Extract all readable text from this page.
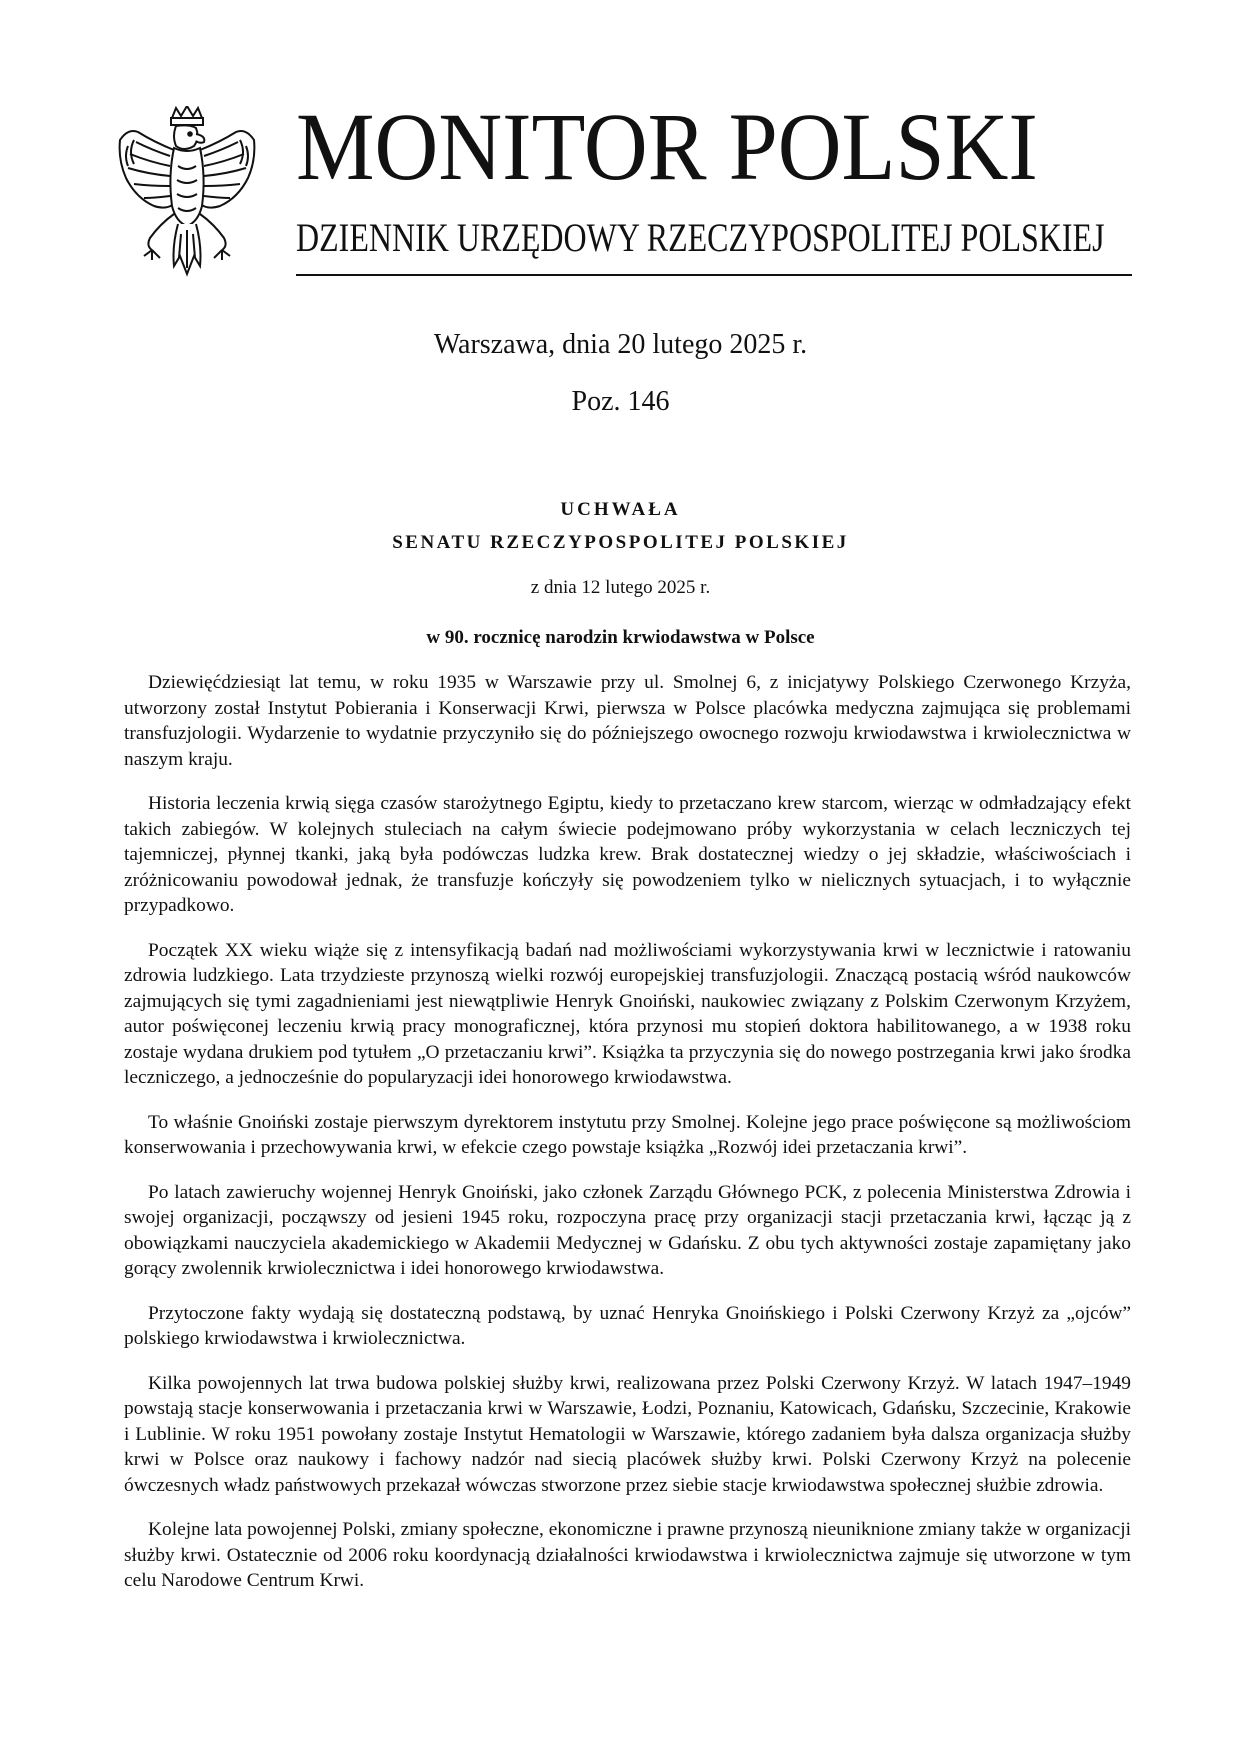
MONITOR POLSKI
DZIENNIK URZĘDOWY RZECZYPOSPOLITEJ POLSKIEJ

Warszawa, dnia 20 lutego 2025 r.

Poz. 146

UCHWAŁA

SENATU RZECZYPOSPOLITEJ POLSKIEJ

z dnia 12 lutego 2025 r.

w 90. rocznicę narodzin krwiodawstwa w Polsce

Dziewięćdziesiąt lat temu, w roku 1935 w Warszawie przy ul. Smolnej 6, z inicjatywy Polskiego Czerwonego Krzyża, utworzony został Instytut Pobierania i Konserwacji Krwi, pierwsza w Polsce placówka medyczna zajmująca się problemami transfuzjologii. Wydarzenie to wydatnie przyczyniło się do późniejszego owocnego rozwoju krwiodawstwa i krwiolecznictwa w naszym kraju.

Historia leczenia krwią sięga czasów starożytnego Egiptu, kiedy to przetaczano krew starcom, wierząc w odmładzający efekt takich zabiegów. W kolejnych stuleciach na całym świecie podejmowano próby wykorzystania w celach leczniczych tej tajemniczej, płynnej tkanki, jaką była podówczas ludzka krew. Brak dostatecznej wiedzy o jej składzie, właściwościach i zróżnicowaniu powodował jednak, że transfuzje kończyły się powodzeniem tylko w nielicznych sytuacjach, i to wyłącznie przypadkowo.

Początek XX wieku wiąże się z intensyfikacją badań nad możliwościami wykorzystywania krwi w lecznictwie i ratowaniu zdrowia ludzkiego. Lata trzydzieste przynoszą wielki rozwój europejskiej transfuzjologii. Znaczącą postacią wśród naukowców zajmujących się tymi zagadnieniami jest niewątpliwie Henryk Gnoiński, naukowiec związany z Polskim Czerwonym Krzyżem, autor poświęconej leczeniu krwią pracy monograficznej, która przynosi mu stopień doktora habilitowanego, a w 1938 roku zostaje wydana drukiem pod tytułem „O przetaczaniu krwi”. Książka ta przyczynia się do nowego postrzegania krwi jako środka leczniczego, a jednocześnie do popularyzacji idei honorowego krwiodawstwa.

To właśnie Gnoiński zostaje pierwszym dyrektorem instytutu przy Smolnej. Kolejne jego prace poświęcone są możliwościom konserwowania i przechowywania krwi, w efekcie czego powstaje książka „Rozwój idei przetaczania krwi”.

Po latach zawieruchy wojennej Henryk Gnoiński, jako członek Zarządu Głównego PCK, z polecenia Ministerstwa Zdrowia i swojej organizacji, począwszy od jesieni 1945 roku, rozpoczyna pracę przy organizacji stacji przetaczania krwi, łącząc ją z obowiązkami nauczyciela akademickiego w Akademii Medycznej w Gdańsku. Z obu tych aktywności zostaje zapamiętany jako gorący zwolennik krwiolecznictwa i idei honorowego krwiodawstwa.

Przytoczone fakty wydają się dostateczną podstawą, by uznać Henryka Gnoińskiego i Polski Czerwony Krzyż za „ojców” polskiego krwiodawstwa i krwiolecznictwa.

Kilka powojennych lat trwa budowa polskiej służby krwi, realizowana przez Polski Czerwony Krzyż. W latach 1947–1949 powstają stacje konserwowania i przetaczania krwi w Warszawie, Łodzi, Poznaniu, Katowicach, Gdańsku, Szczecinie, Krakowie i Lublinie. W roku 1951 powołany zostaje Instytut Hematologii w Warszawie, którego zadaniem była dalsza organizacja służby krwi w Polsce oraz naukowy i fachowy nadzór nad siecią placówek służby krwi. Polski Czerwony Krzyż na polecenie ówczesnych władz państwowych przekazał wówczas stworzone przez siebie stacje krwiodawstwa społecznej służbie zdrowia.

Kolejne lata powojennej Polski, zmiany społeczne, ekonomiczne i prawne przynoszą nieuniknione zmiany także w organizacji służby krwi. Ostatecznie od 2006 roku koordynacją działalności krwiodawstwa i krwiolecznictwa zajmuje się utworzone w tym celu Narodowe Centrum Krwi.
